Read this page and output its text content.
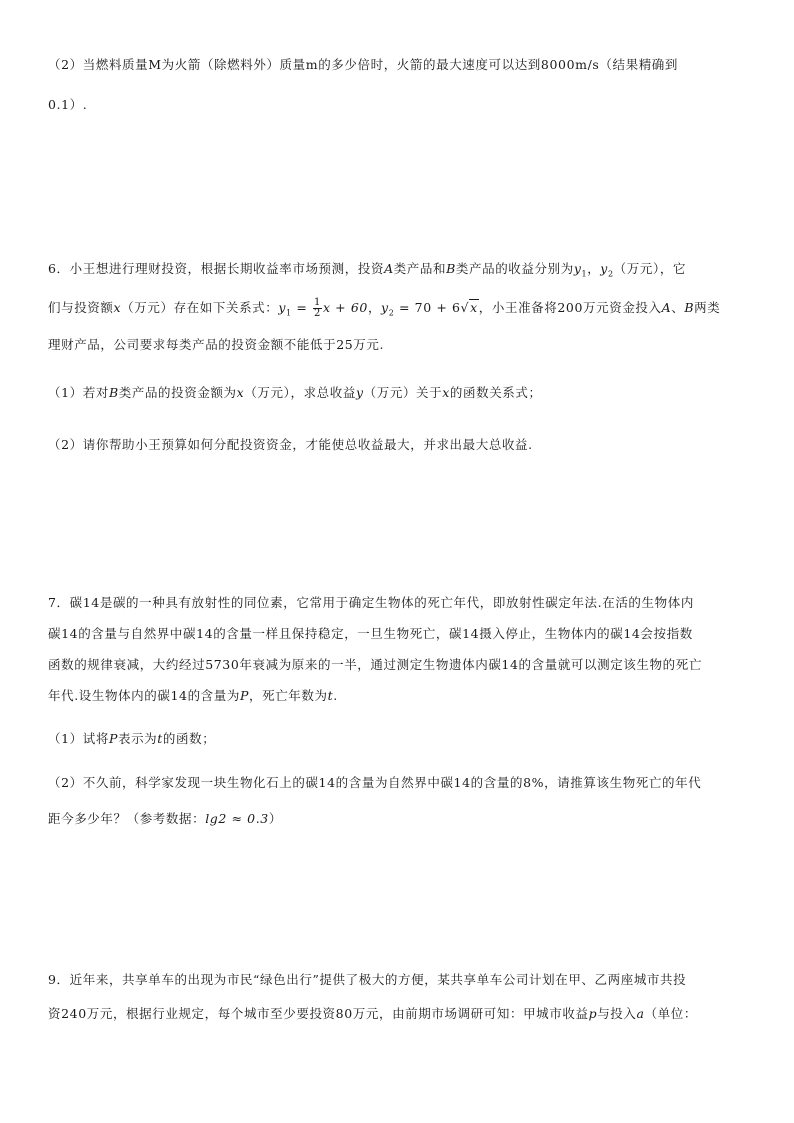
（2）当燃料质量M为火箭（除燃料外）质量m的多少倍时，火箭的最大速度可以达到8000m/s（结果精确到
0.1）.
6．小王想进行理财投资，根据长期收益率市场预测，投资A类产品和B类产品的收益分别为$y_1$，$y_2$（万元），它
们与投资额x（万元）存在如下关系式：$y_1 = \frac{1}{2}$ x + 60，$y_2 = 70 + 6√x$，小王准备将200万元资金投入A、B两类
理财产品，公司要求每类产品的投资金额不能低于25万元.
（1）若对B类产品的投资金额为x（万元），求总收益y（万元）关于x的函数关系式；
（2）请你帮助小王预算如何分配投资资金，才能使总收益最大，并求出最大总收益.
7．碳14是碳的一种具有放射性的同位素，它常用于确定生物体的死亡年代，即放射性碳定年法.在活的生物体内
碳14的含量与自然界中碳14的含量一样且保持稳定，一旦生物死亡，碳14摄入停止，生物体内的碳14会按指数
函数的规律衰减，大约经过5730年衰减为原来的一半，通过测定生物遗体内碳14的含量就可以测定该生物的死亡
年代.设生物体内的碳14的含量为P，死亡年数为t.
（1）试将P表示为t的函数；
（2）不久前，科学家发现一块生物化石上的碳14的含量为自然界中碳14的含量的8%，请推算该生物死亡的年代
距今多少年？（参考数据：lg2 ≈ 0.3）
9．近年来，共享单车的出现为市民“绿色出行”提供了极大的方便，某共享单车公司计划在甲、乙两座城市共投
资240万元，根据行业规定，每个城市至少要投资80万元，由前期市场调研可知：甲城市收益p与投入a（单位：
